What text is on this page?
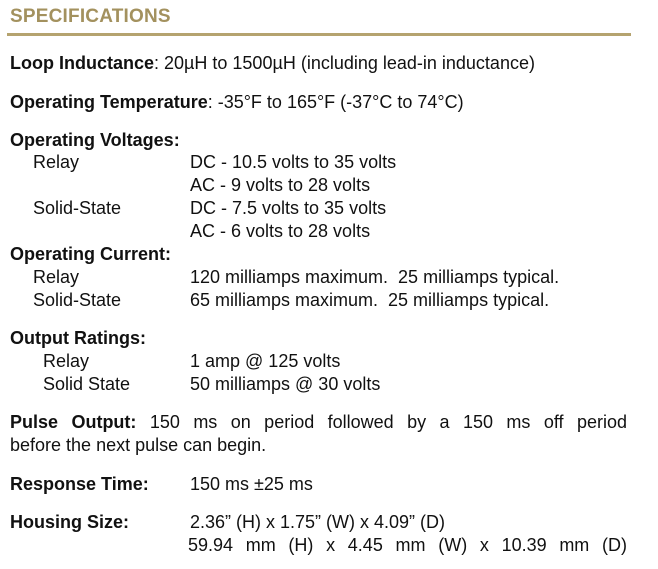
SPECIFICATIONS
Loop Inductance: 20µH to 1500µH (including lead-in inductance)
Operating Temperature: -35°F to 165°F (-37°C to 74°C)
Operating Voltages:
Relay	DC - 10.5 volts to 35 volts
AC - 9 volts to 28 volts
Solid-State	DC - 7.5 volts to 35 volts
AC - 6 volts to 28 volts
Operating Current:
Relay	120 milliamps maximum.  25 milliamps typical.
Solid-State	65 milliamps maximum.  25 milliamps typical.
Output Ratings:
Relay	1 amp @ 125 volts
Solid State	50 milliamps @ 30 volts
Pulse Output: 150 ms on period followed by a 150 ms off period
before the next pulse can begin.
Response Time: 150 ms ±25 ms
Housing Size:	2.36” (H) x 1.75” (W) x 4.09” (D)
59.94 mm (H) x 4.45 mm (W) x 10.39 mm (D)
